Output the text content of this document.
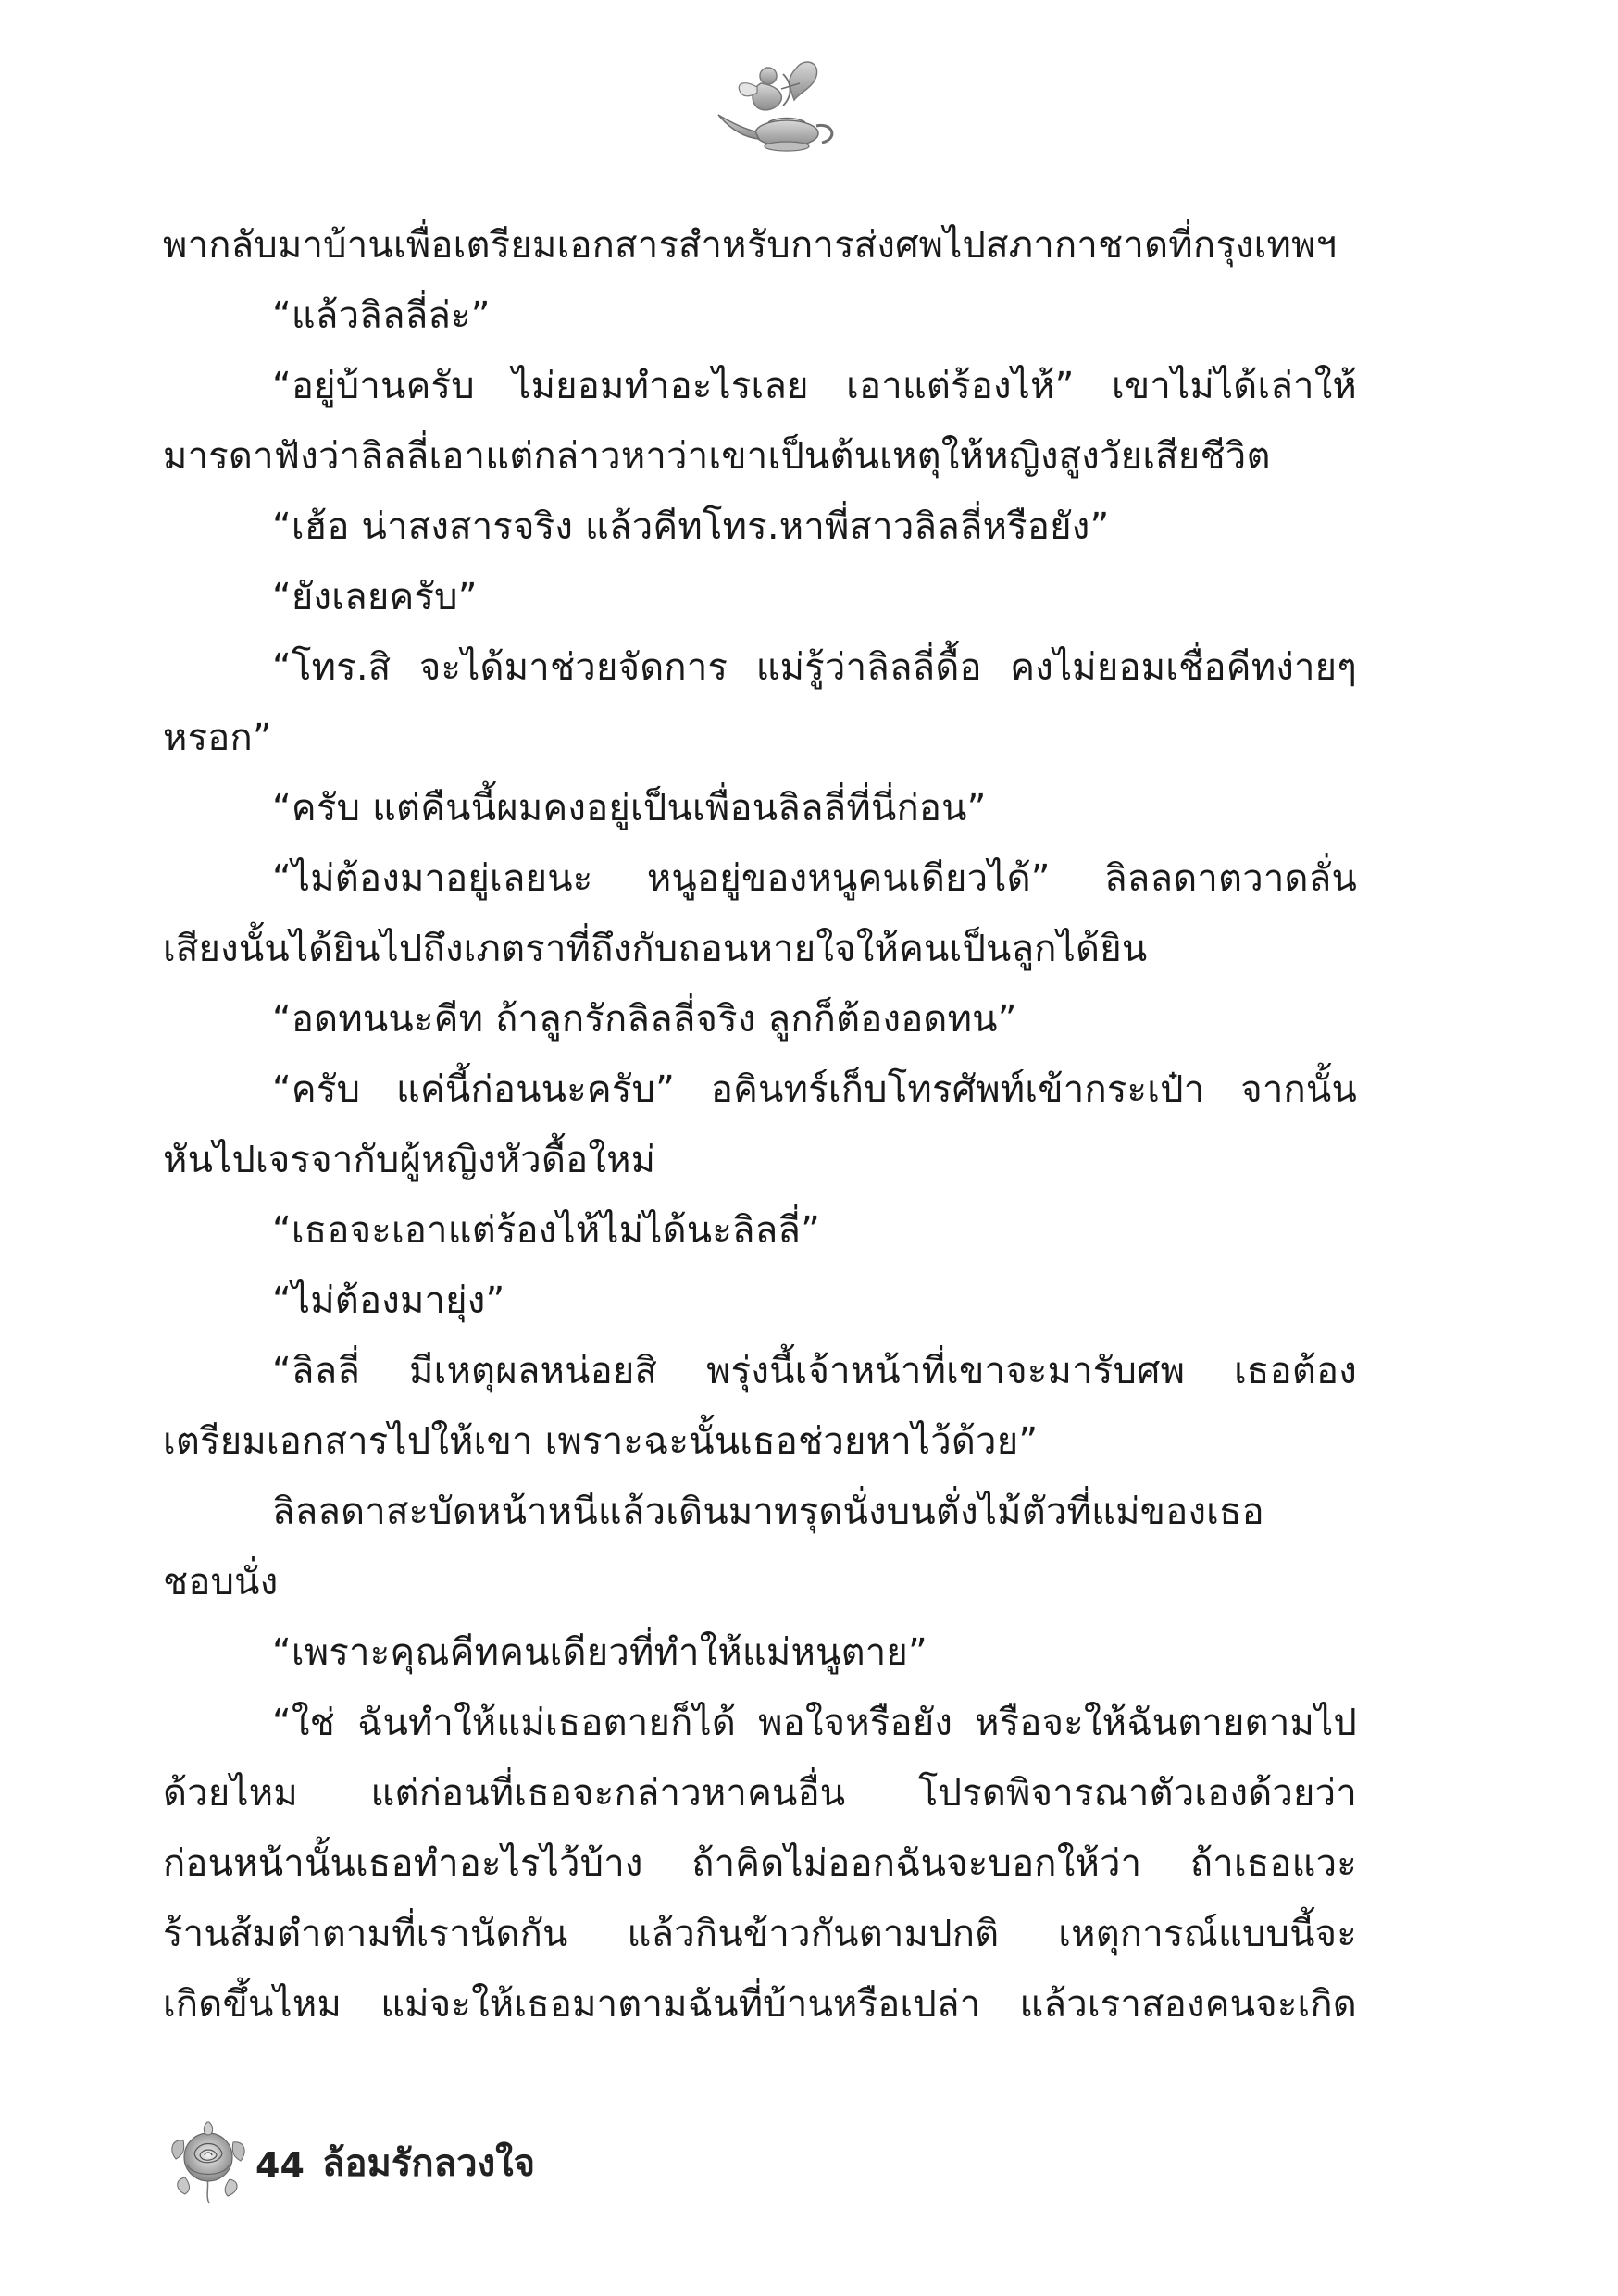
พากลับมาบ้านเพื่อเตรียมเอกสารสำหรับการส่งศพไปสภากาชาดที่กรุงเทพฯ
“แล้วลิลลี่ล่ะ”
“อยู่บ้านครับ ไม่ยอมทำอะไรเลย เอาแต่ร้องไห้” เขาไม่ได้เล่าให้
มารดาฟังว่าลิลลี่เอาแต่กล่าวหาว่าเขาเป็นต้นเหตุให้หญิงสูงวัยเสียชีวิต
“เฮ้อ น่าสงสารจริง แล้วคีทโทร.หาพี่สาวลิลลี่หรือยัง”
“ยังเลยครับ”
“โทร.สิ จะได้มาช่วยจัดการ แม่รู้ว่าลิลลี่ดื้อ คงไม่ยอมเชื่อคีทง่ายๆ
หรอก”
“ครับ แต่คืนนี้ผมคงอยู่เป็นเพื่อนลิลลี่ที่นี่ก่อน”
“ไม่ต้องมาอยู่เลยนะ หนูอยู่ของหนูคนเดียวได้” ลิลลดาตวาดลั่น
เสียงนั้นได้ยินไปถึงเภตราที่ถึงกับถอนหายใจให้คนเป็นลูกได้ยิน
“อดทนนะคีท ถ้าลูกรักลิลลี่จริง ลูกก็ต้องอดทน”
“ครับ แค่นี้ก่อนนะครับ” อคินทร์เก็บโทรศัพท์เข้ากระเป๋า จากนั้น
หันไปเจรจากับผู้หญิงหัวดื้อใหม่
“เธอจะเอาแต่ร้องไห้ไม่ได้นะลิลลี่”
“ไม่ต้องมายุ่ง”
“ลิลลี่ มีเหตุผลหน่อยสิ พรุ่งนี้เจ้าหน้าที่เขาจะมารับศพ เธอต้อง
เตรียมเอกสารไปให้เขา เพราะฉะนั้นเธอช่วยหาไว้ด้วย”
ลิลลดาสะบัดหน้าหนีแล้วเดินมาทรุดนั่งบนตั่งไม้ตัวที่แม่ของเธอ
ชอบนั่ง
“เพราะคุณคีทคนเดียวที่ทำให้แม่หนูตาย”
“ใช่ ฉันทำให้แม่เธอตายก็ได้ พอใจหรือยัง หรือจะให้ฉันตายตามไป
ด้วยไหม แต่ก่อนที่เธอจะกล่าวหาคนอื่น โปรดพิจารณาตัวเองด้วยว่า
ก่อนหน้านั้นเธอทำอะไรไว้บ้าง ถ้าคิดไม่ออกฉันจะบอกให้ว่า ถ้าเธอแวะ
ร้านส้มตำตามที่เรานัดกัน แล้วกินข้าวกันตามปกติ เหตุการณ์แบบนี้จะ
เกิดขึ้นไหม แม่จะให้เธอมาตามฉันที่บ้านหรือเปล่า แล้วเราสองคนจะเกิด
44 ล้อมรักลวงใจ
